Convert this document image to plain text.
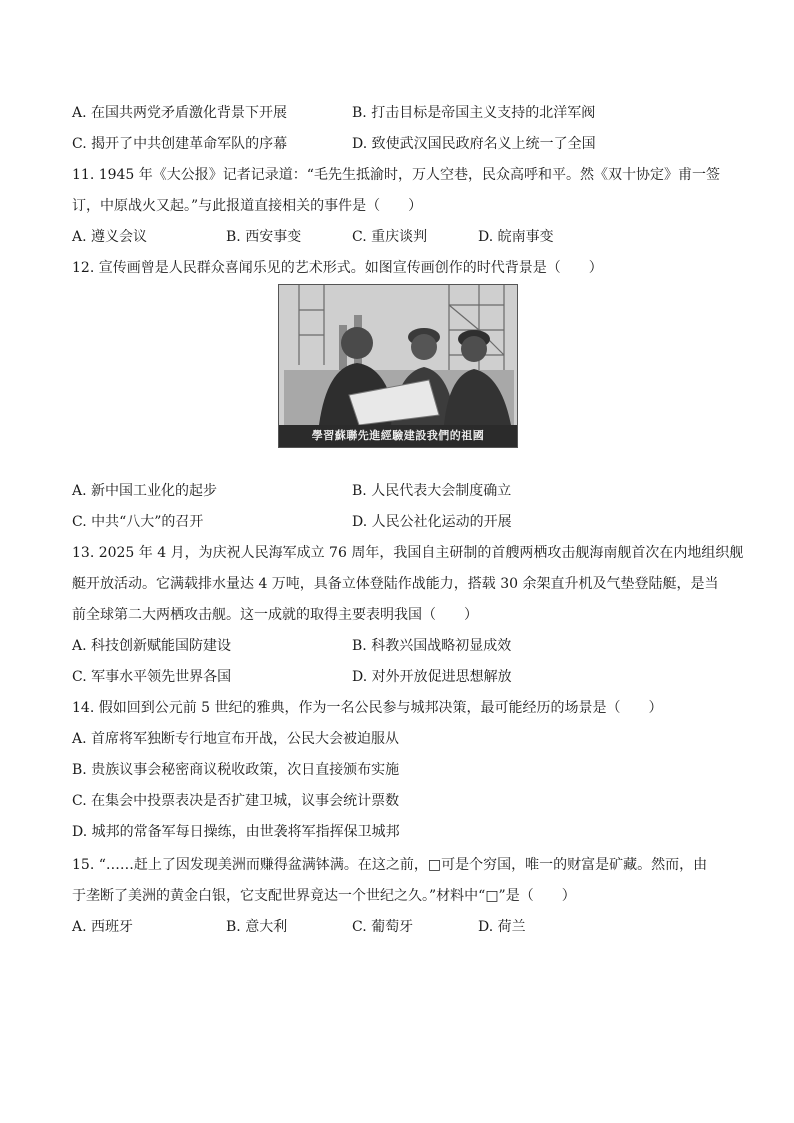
A. 在国共两党矛盾激化背景下开展	B. 打击目标是帝国主义支持的北洋军阀
C. 揭开了中共创建革命军队的序幕	D. 致使武汉国民政府名义上统一了全国
11. 1945 年《大公报》记者记录道：“毛先生抵渝时，万人空巷，民众高呼和平。然《双十协定》甫一签
订，中原战火又起。”与此报道直接相关的事件是（　　）
A. 遵义会议	B. 西安事变	C. 重庆谈判	D. 皖南事变
12. 宣传画曾是人民群众喜闻乐见的艺术形式。如图宣传画创作的时代背景是（　　）
學習蘇聯先進經驗建設我們的祖國
A. 新中国工业化的起步	B. 人民代表大会制度确立
C. 中共“八大”的召开	D. 人民公社化运动的开展
13. 2025 年 4 月，为庆祝人民海军成立 76 周年，我国自主研制的首艘两栖攻击舰海南舰首次在内地组织舰
艇开放活动。它满载排水量达 4 万吨，具备立体登陆作战能力，搭载 30 余架直升机及气垫登陆艇，是当
前全球第二大两栖攻击舰。这一成就的取得主要表明我国（　　）
A. 科技创新赋能国防建设	B. 科教兴国战略初显成效
C. 军事水平领先世界各国	D. 对外开放促进思想解放
14. 假如回到公元前 5 世纪的雅典，作为一名公民参与城邦决策，最可能经历的场景是（　　）
A. 首席将军独断专行地宣布开战，公民大会被迫服从
B. 贵族议事会秘密商议税收政策，次日直接颁布实施
C. 在集会中投票表决是否扩建卫城，议事会统计票数
D. 城邦的常备军每日操练，由世袭将军指挥保卫城邦
15. “……赶上了因发现美洲而赚得盆满钵满。在这之前，□可是个穷国，唯一的财富是矿藏。然而，由
于垄断了美洲的黄金白银，它支配世界竟达一个世纪之久。”材料中“□”是（　　）
A. 西班牙	B. 意大利	C. 葡萄牙	D. 荷兰
